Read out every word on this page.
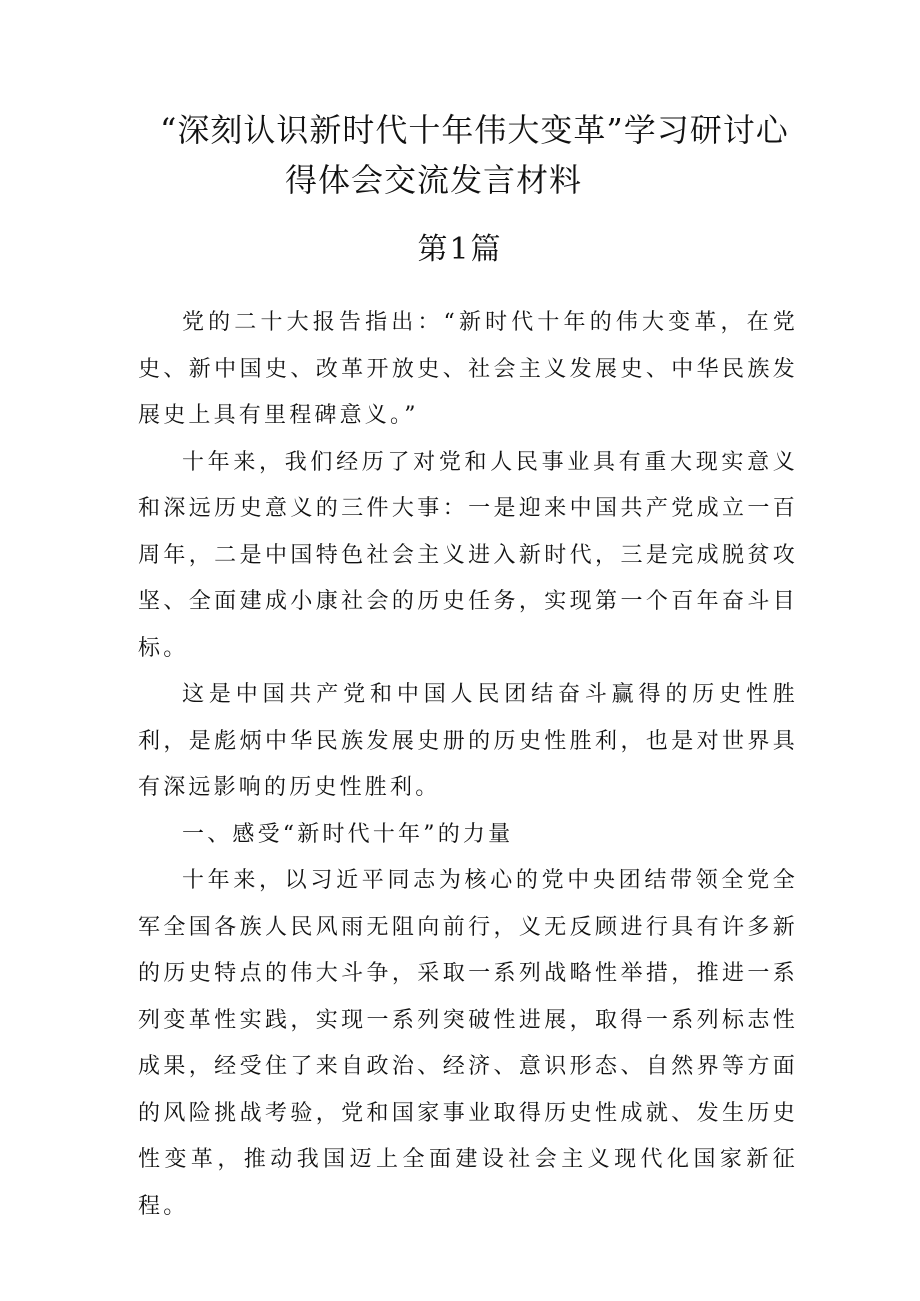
“深刻认识新时代十年伟大变革”学习研讨心
得体会交流发言材料
第1篇

党的二十大报告指出：“新时代十年的伟大变革，在党史、新中国史、改革开放史、社会主义发展史、中华民族发展史上具有里程碑意义。”

十年来，我们经历了对党和人民事业具有重大现实意义和深远历史意义的三件大事：一是迎来中国共产党成立一百周年，二是中国特色社会主义进入新时代，三是完成脱贫攻坚、全面建成小康社会的历史任务，实现第一个百年奋斗目标。

这是中国共产党和中国人民团结奋斗赢得的历史性胜利，是彪炳中华民族发展史册的历史性胜利，也是对世界具有深远影响的历史性胜利。

一、感受“新时代十年”的力量

十年来，以习近平同志为核心的党中央团结带领全党全军全国各族人民风雨无阻向前行，义无反顾进行具有许多新的历史特点的伟大斗争，采取一系列战略性举措，推进一系列变革性实践，实现一系列突破性进展，取得一系列标志性成果，经受住了来自政治、经济、意识形态、自然界等方面的风险挑战考验，党和国家事业取得历史性成就、发生历史性变革，推动我国迈上全面建设社会主义现代化国家新征程。
